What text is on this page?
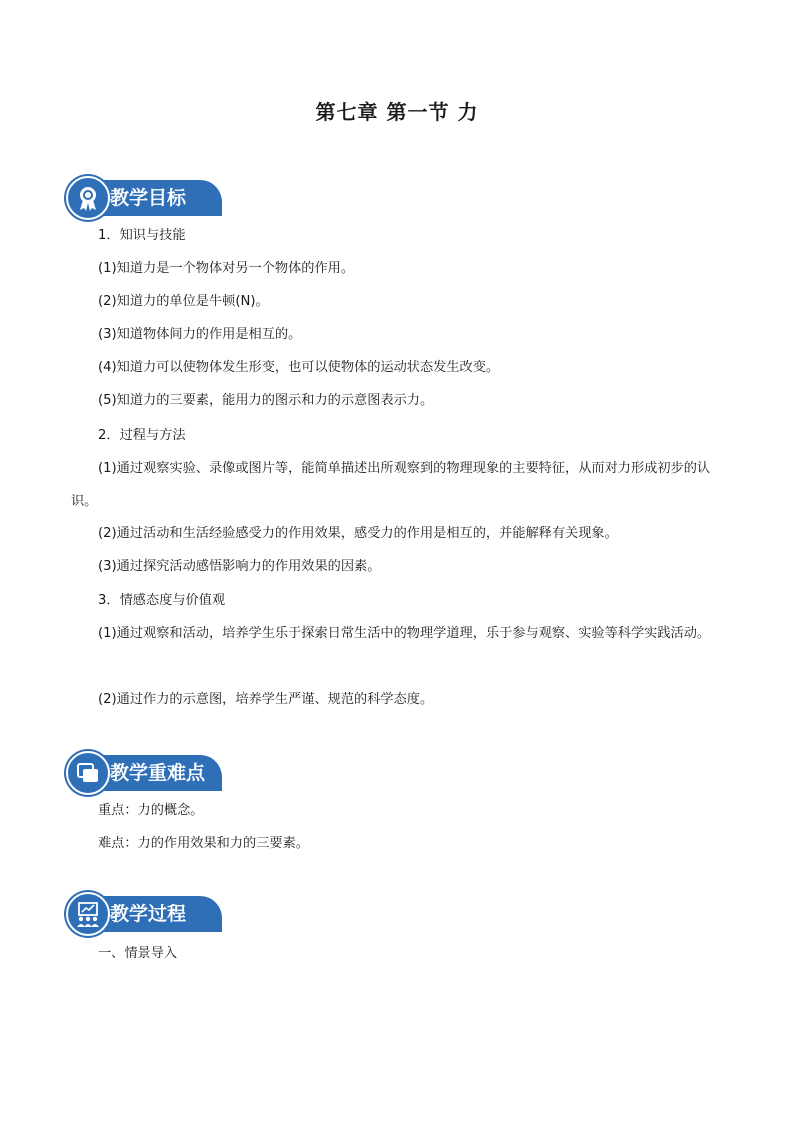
第七章 第一节 力
教学目标
1．知识与技能
(1)知道力是一个物体对另一个物体的作用。
(2)知道力的单位是牛顿(N)。
(3)知道物体间力的作用是相互的。
(4)知道力可以使物体发生形变，也可以使物体的运动状态发生改变。
(5)知道力的三要素，能用力的图示和力的示意图表示力。
2．过程与方法
(1)通过观察实验、录像或图片等，能简单描述出所观察到的物理现象的主要特征，从而对力形成初步的认识。
(2)通过活动和生活经验感受力的作用效果，感受力的作用是相互的，并能解释有关现象。
(3)通过探究活动感悟影响力的作用效果的因素。
3．情感态度与价值观
(1)通过观察和活动，培养学生乐于探索日常生活中的物理学道理，乐于参与观察、实验等科学实践活动。
(2)通过作力的示意图，培养学生严谨、规范的科学态度。
教学重难点
重点：力的概念。
难点：力的作用效果和力的三要素。
教学过程
一、情景导入
